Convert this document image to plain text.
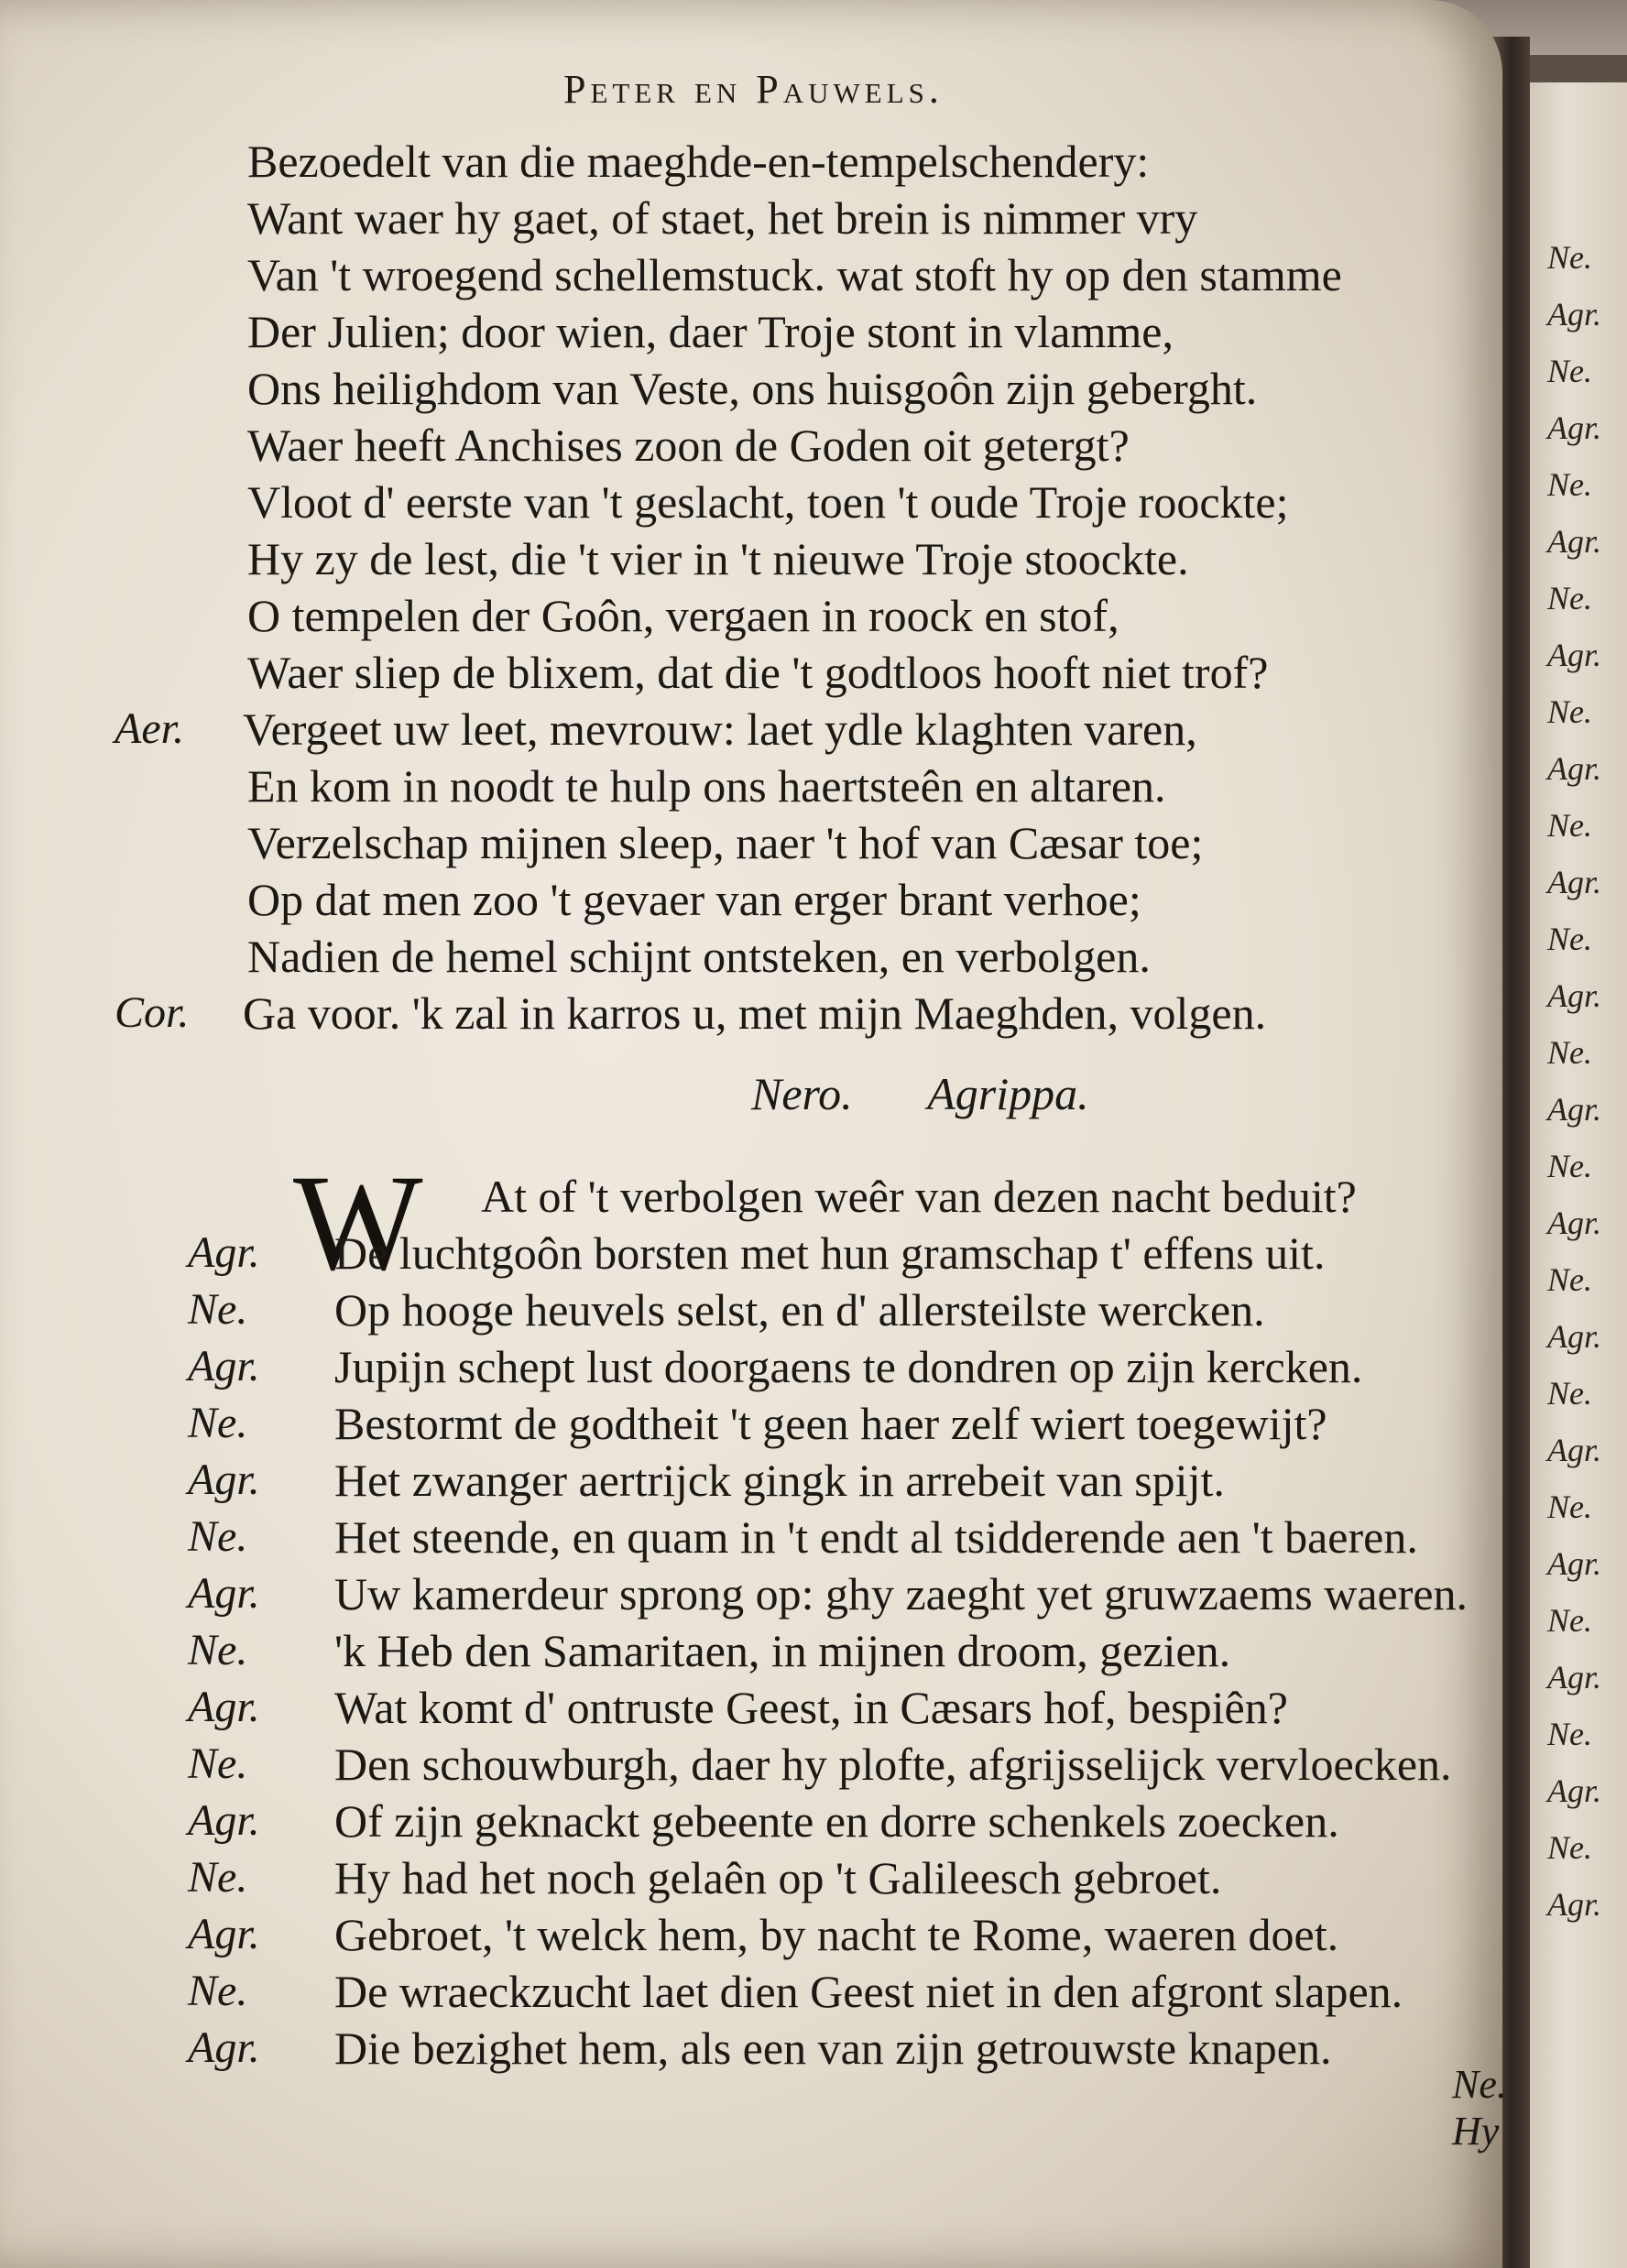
Ne.
Agr.
Ne.
Agr.
Ne.
Agr.
Ne.
Agr.
Ne.
Agr.
Ne.
Agr.
Ne.
Agr.
Ne.
Agr.
Ne.
Agr.
Ne.
Agr.
Ne.
Agr.
Ne.
Agr.
Ne.
Agr.
Ne.
Agr.
Ne.
Agr.
Peter en Pauwels.
Bezoedelt van die maeghde-en-tempelschendery:
Want waer hy gaet, of staet, het brein is nimmer vry
Van 't wroegend schellemstuck. wat stoft hy op den stamme
Der Julien; door wien, daer Troje stont in vlamme,
Ons heilighdom van Veste, ons huisgoôn zijn geberght.
Waer heeft Anchises zoon de Goden oit getergt?
Vloot d' eerste van 't geslacht, toen 't oude Troje roockte;
Hy zy de lest, die 't vier in 't nieuwe Troje stoockte.
O tempelen der Goôn, vergaen in roock en stof,
Waer sliep de blixem, dat die 't godtloos hooft niet trof?
Aer.	Vergeet uw leet, mevrouw: laet ydle klaghten varen,
En kom in noodt te hulp ons haertsteên en altaren.
Verzelschap mijnen sleep, naer 't hof van Cæsar toe;
Op dat men zoo 't gevaer van erger brant verhoe;
Nadien de hemel schijnt ontsteken, en verbolgen.
Cor.	Ga voor. 'k zal in karros u, met mijn Maeghden, volgen.
Nero. Agrippa.
W At of 't verbolgen weêr van dezen nacht beduit?
Agr.	De luchtgoôn borsten met hun gramschap t' effens uit.
Ne.	Op hooge heuvels selst, en d' allersteilste wercken.
Agr.	Jupijn schept lust doorgaens te dondren op zijn kercken.
Ne.	Bestormt de godtheit 't geen haer zelf wiert toegewijt?
Agr.	Het zwanger aertrijck gingk in arrebeit van spijt.
Ne.	Het steende, en quam in 't endt al tsidderende aen 't baeren.
Agr.	Uw kamerdeur sprong op: ghy zaeght yet gruwzaems waeren.
Ne.	'k Heb den Samaritaen, in mijnen droom, gezien.
Agr.	Wat komt d' ontruste Geest, in Cæsars hof, bespiên?
Ne.	Den schouwburgh, daer hy plofte, afgrijsselijck vervloecken.
Agr.	Of zijn geknackt gebeente en dorre schenkels zoecken.
Ne.	Hy had het noch gelaên op 't Galileesch gebroet.
Agr.	Gebroet, 't welck hem, by nacht te Rome, waeren doet.
Ne.	De wraeckzucht laet dien Geest niet in den afgront slapen.
Agr.	Die bezighet hem, als een van zijn getrouwste knapen.
Ne. Hy
